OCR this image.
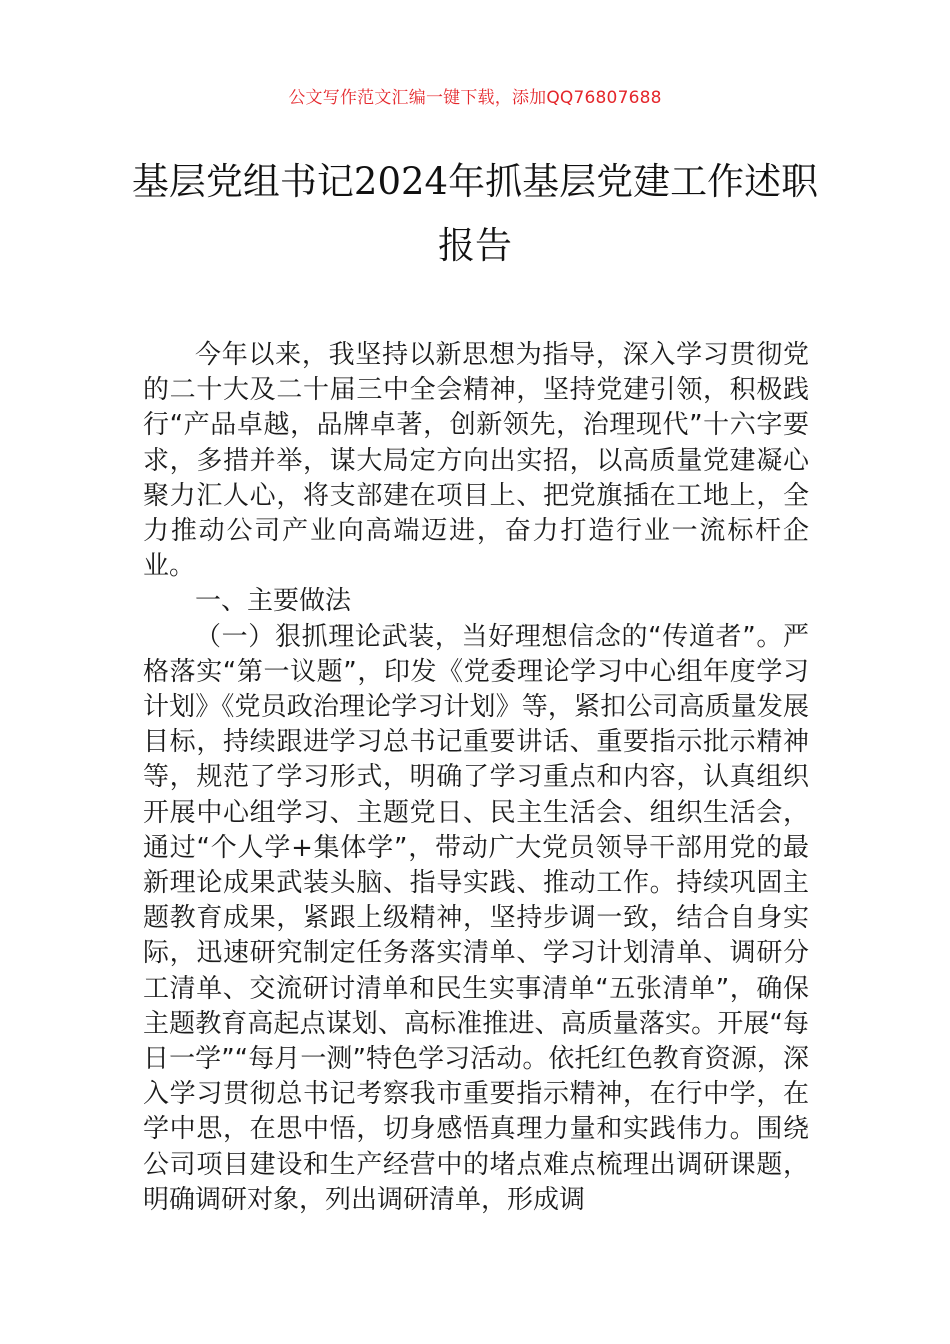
公文写作范文汇编一键下载，添加QQ76807688
基层党组书记2024年抓基层党建工作述职
报告

今年以来，我坚持以新思想为指导，深入学习贯彻党的二十大及二十届三中全会精神，坚持党建引领，积极践行“产品卓越，品牌卓著，创新领先，治理现代”十六字要求，多措并举，谋大局定方向出实招，以高质量党建凝心聚力汇人心，将支部建在项目上、把党旗插在工地上，全力推动公司产业向高端迈进，奋力打造行业一流标杆企业。

一、主要做法

（一）狠抓理论武装，当好理想信念的“传道者”。严格落实“第一议题”，印发《党委理论学习中心组年度学习计划》《党员政治理论学习计划》等，紧扣公司高质量发展目标，持续跟进学习总书记重要讲话、重要指示批示精神等，规范了学习形式，明确了学习重点和内容，认真组织开展中心组学习、主题党日、民主生活会、组织生活会，通过“个人学+集体学”，带动广大党员领导干部用党的最新理论成果武装头脑、指导实践、推动工作。持续巩固主题教育成果，紧跟上级精神，坚持步调一致，结合自身实际，迅速研究制定任务落实清单、学习计划清单、调研分工清单、交流研讨清单和民生实事清单“五张清单”，确保主题教育高起点谋划、高标准推进、高质量落实。开展“每日一学”“每月一测”特色学习活动。依托红色教育资源，深入学习贯彻总书记考察我市重要指示精神，在行中学，在学中思，在思中悟，切身感悟真理力量和实践伟力。围绕公司项目建设和生产经营中的堵点难点梳理出调研课题，明确调研对象，列出调研清单，形成调
